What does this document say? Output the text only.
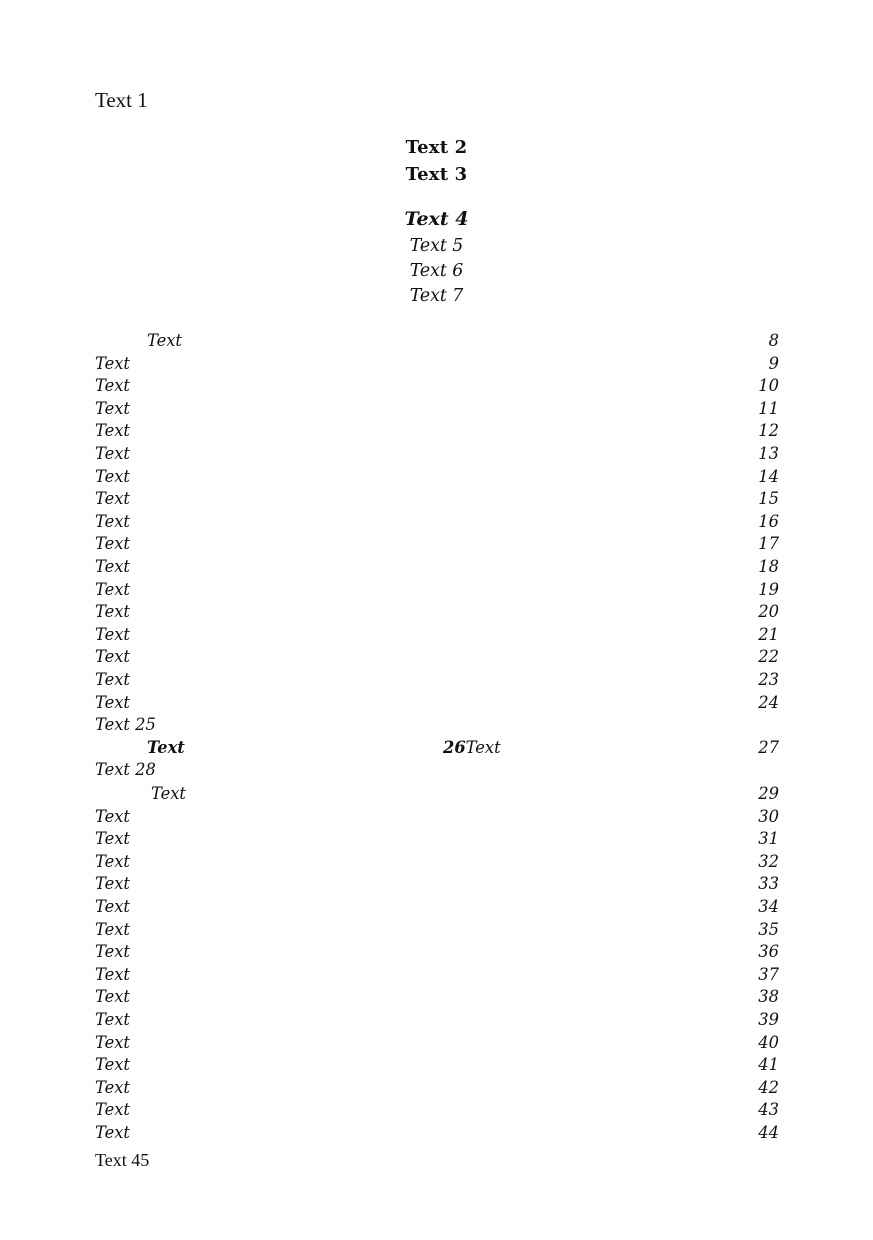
Text 1
Text 2
Text 3
Text 4
Text 5
Text 6
Text 7
Text 8
Text 9
Text 10
Text 11
Text 12
Text 13
Text 14
Text 15
Text 16
Text 17
Text 18
Text 19
Text 20
Text 21
Text 22
Text 23
Text 24
Text 25
Text 26Text 27
Text 28
Text 29
Text 30
Text 31
Text 32
Text 33
Text 34
Text 35
Text 36
Text 37
Text 38
Text 39
Text 40
Text 41
Text 42
Text 43
Text 44
Text 45
